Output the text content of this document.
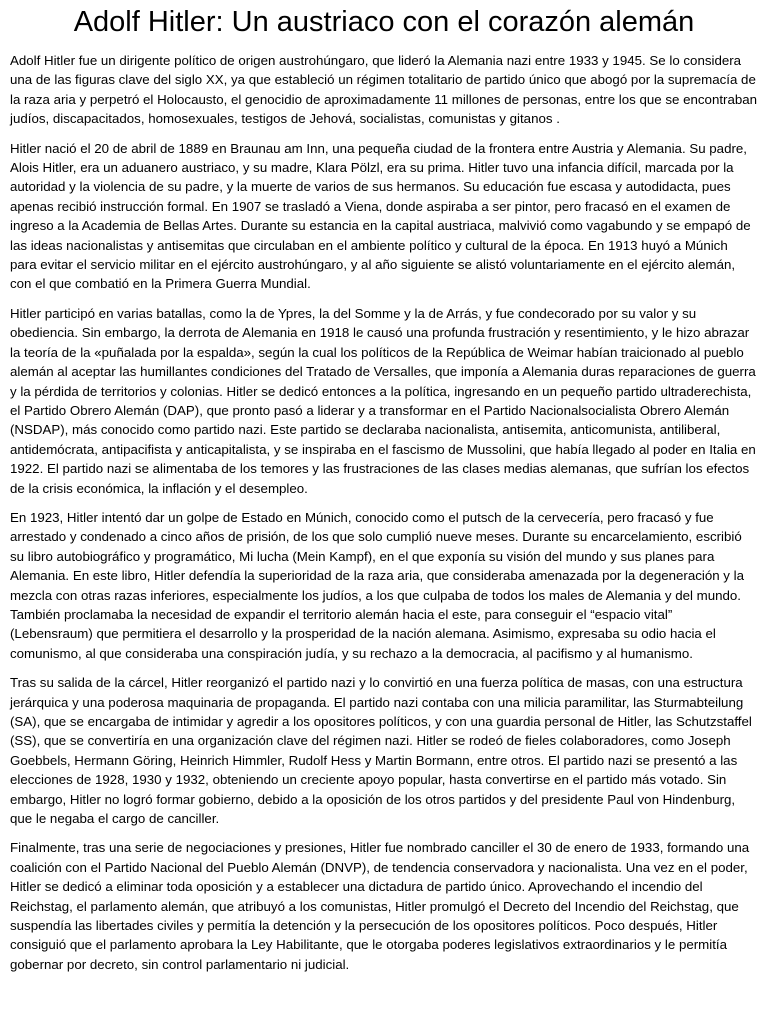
Adolf Hitler: Un austriaco con el corazón alemán

Adolf Hitler fue un dirigente político de origen austrohúngaro, que lideró la Alemania nazi entre 1933 y 1945. Se lo considera una de las figuras clave del siglo XX, ya que estableció un régimen totalitario de partido único que abogó por la supremacía de la raza aria y perpetró el Holocausto, el genocidio de aproximadamente 11 millones de personas, entre los que se encontraban judíos, discapacitados, homosexuales, testigos de Jehová, socialistas, comunistas y gitanos .

Hitler nació el 20 de abril de 1889 en Braunau am Inn, una pequeña ciudad de la frontera entre Austria y Alemania. Su padre, Alois Hitler, era un aduanero austriaco, y su madre, Klara Pölzl, era su prima. Hitler tuvo una infancia difícil, marcada por la autoridad y la violencia de su padre, y la muerte de varios de sus hermanos. Su educación fue escasa y autodidacta, pues apenas recibió instrucción formal. En 1907 se trasladó a Viena, donde aspiraba a ser pintor, pero fracasó en el examen de ingreso a la Academia de Bellas Artes. Durante su estancia en la capital austriaca, malvivió como vagabundo y se empapó de las ideas nacionalistas y antisemitas que circulaban en el ambiente político y cultural de la época. En 1913 huyó a Múnich para evitar el servicio militar en el ejército austrohúngaro, y al año siguiente se alistó voluntariamente en el ejército alemán, con el que combatió en la Primera Guerra Mundial.

Hitler participó en varias batallas, como la de Ypres, la del Somme y la de Arrás, y fue condecorado por su valor y su obediencia. Sin embargo, la derrota de Alemania en 1918 le causó una profunda frustración y resentimiento, y le hizo abrazar la teoría de la «puñalada por la espalda», según la cual los políticos de la República de Weimar habían traicionado al pueblo alemán al aceptar las humillantes condiciones del Tratado de Versalles, que imponía a Alemania duras reparaciones de guerra y la pérdida de territorios y colonias. Hitler se dedicó entonces a la política, ingresando en un pequeño partido ultraderechista, el Partido Obrero Alemán (DAP), que pronto pasó a liderar y a transformar en el Partido Nacionalsocialista Obrero Alemán (NSDAP), más conocido como partido nazi. Este partido se declaraba nacionalista, antisemita, anticomunista, antiliberal, antidemócrata, antipacifista y anticapitalista, y se inspiraba en el fascismo de Mussolini, que había llegado al poder en Italia en 1922. El partido nazi se alimentaba de los temores y las frustraciones de las clases medias alemanas, que sufrían los efectos de la crisis económica, la inflación y el desempleo.

En 1923, Hitler intentó dar un golpe de Estado en Múnich, conocido como el putsch de la cervecería, pero fracasó y fue arrestado y condenado a cinco años de prisión, de los que solo cumplió nueve meses. Durante su encarcelamiento, escribió su libro autobiográfico y programático, Mi lucha (Mein Kampf), en el que exponía su visión del mundo y sus planes para Alemania. En este libro, Hitler defendía la superioridad de la raza aria, que consideraba amenazada por la degeneración y la mezcla con otras razas inferiores, especialmente los judíos, a los que culpaba de todos los males de Alemania y del mundo. También proclamaba la necesidad de expandir el territorio alemán hacia el este, para conseguir el “espacio vital” (Lebensraum) que permitiera el desarrollo y la prosperidad de la nación alemana. Asimismo, expresaba su odio hacia el comunismo, al que consideraba una conspiración judía, y su rechazo a la democracia, al pacifismo y al humanismo.

Tras su salida de la cárcel, Hitler reorganizó el partido nazi y lo convirtió en una fuerza política de masas, con una estructura jerárquica y una poderosa maquinaria de propaganda. El partido nazi contaba con una milicia paramilitar, las Sturmabteilung (SA), que se encargaba de intimidar y agredir a los opositores políticos, y con una guardia personal de Hitler, las Schutzstaffel (SS), que se convertiría en una organización clave del régimen nazi. Hitler se rodeó de fieles colaboradores, como Joseph Goebbels, Hermann Göring, Heinrich Himmler, Rudolf Hess y Martin Bormann, entre otros. El partido nazi se presentó a las elecciones de 1928, 1930 y 1932, obteniendo un creciente apoyo popular, hasta convertirse en el partido más votado. Sin embargo, Hitler no logró formar gobierno, debido a la oposición de los otros partidos y del presidente Paul von Hindenburg, que le negaba el cargo de canciller.

Finalmente, tras una serie de negociaciones y presiones, Hitler fue nombrado canciller el 30 de enero de 1933, formando una coalición con el Partido Nacional del Pueblo Alemán (DNVP), de tendencia conservadora y nacionalista. Una vez en el poder, Hitler se dedicó a eliminar toda oposición y a establecer una dictadura de partido único. Aprovechando el incendio del Reichstag, el parlamento alemán, que atribuyó a los comunistas, Hitler promulgó el Decreto del Incendio del Reichstag, que suspendía las libertades civiles y permitía la detención y la persecución de los opositores políticos. Poco después, Hitler consiguió que el parlamento aprobara la Ley Habilitante, que le otorgaba poderes legislativos extraordinarios y le permitía gobernar por decreto, sin control parlamentario ni judicial.
